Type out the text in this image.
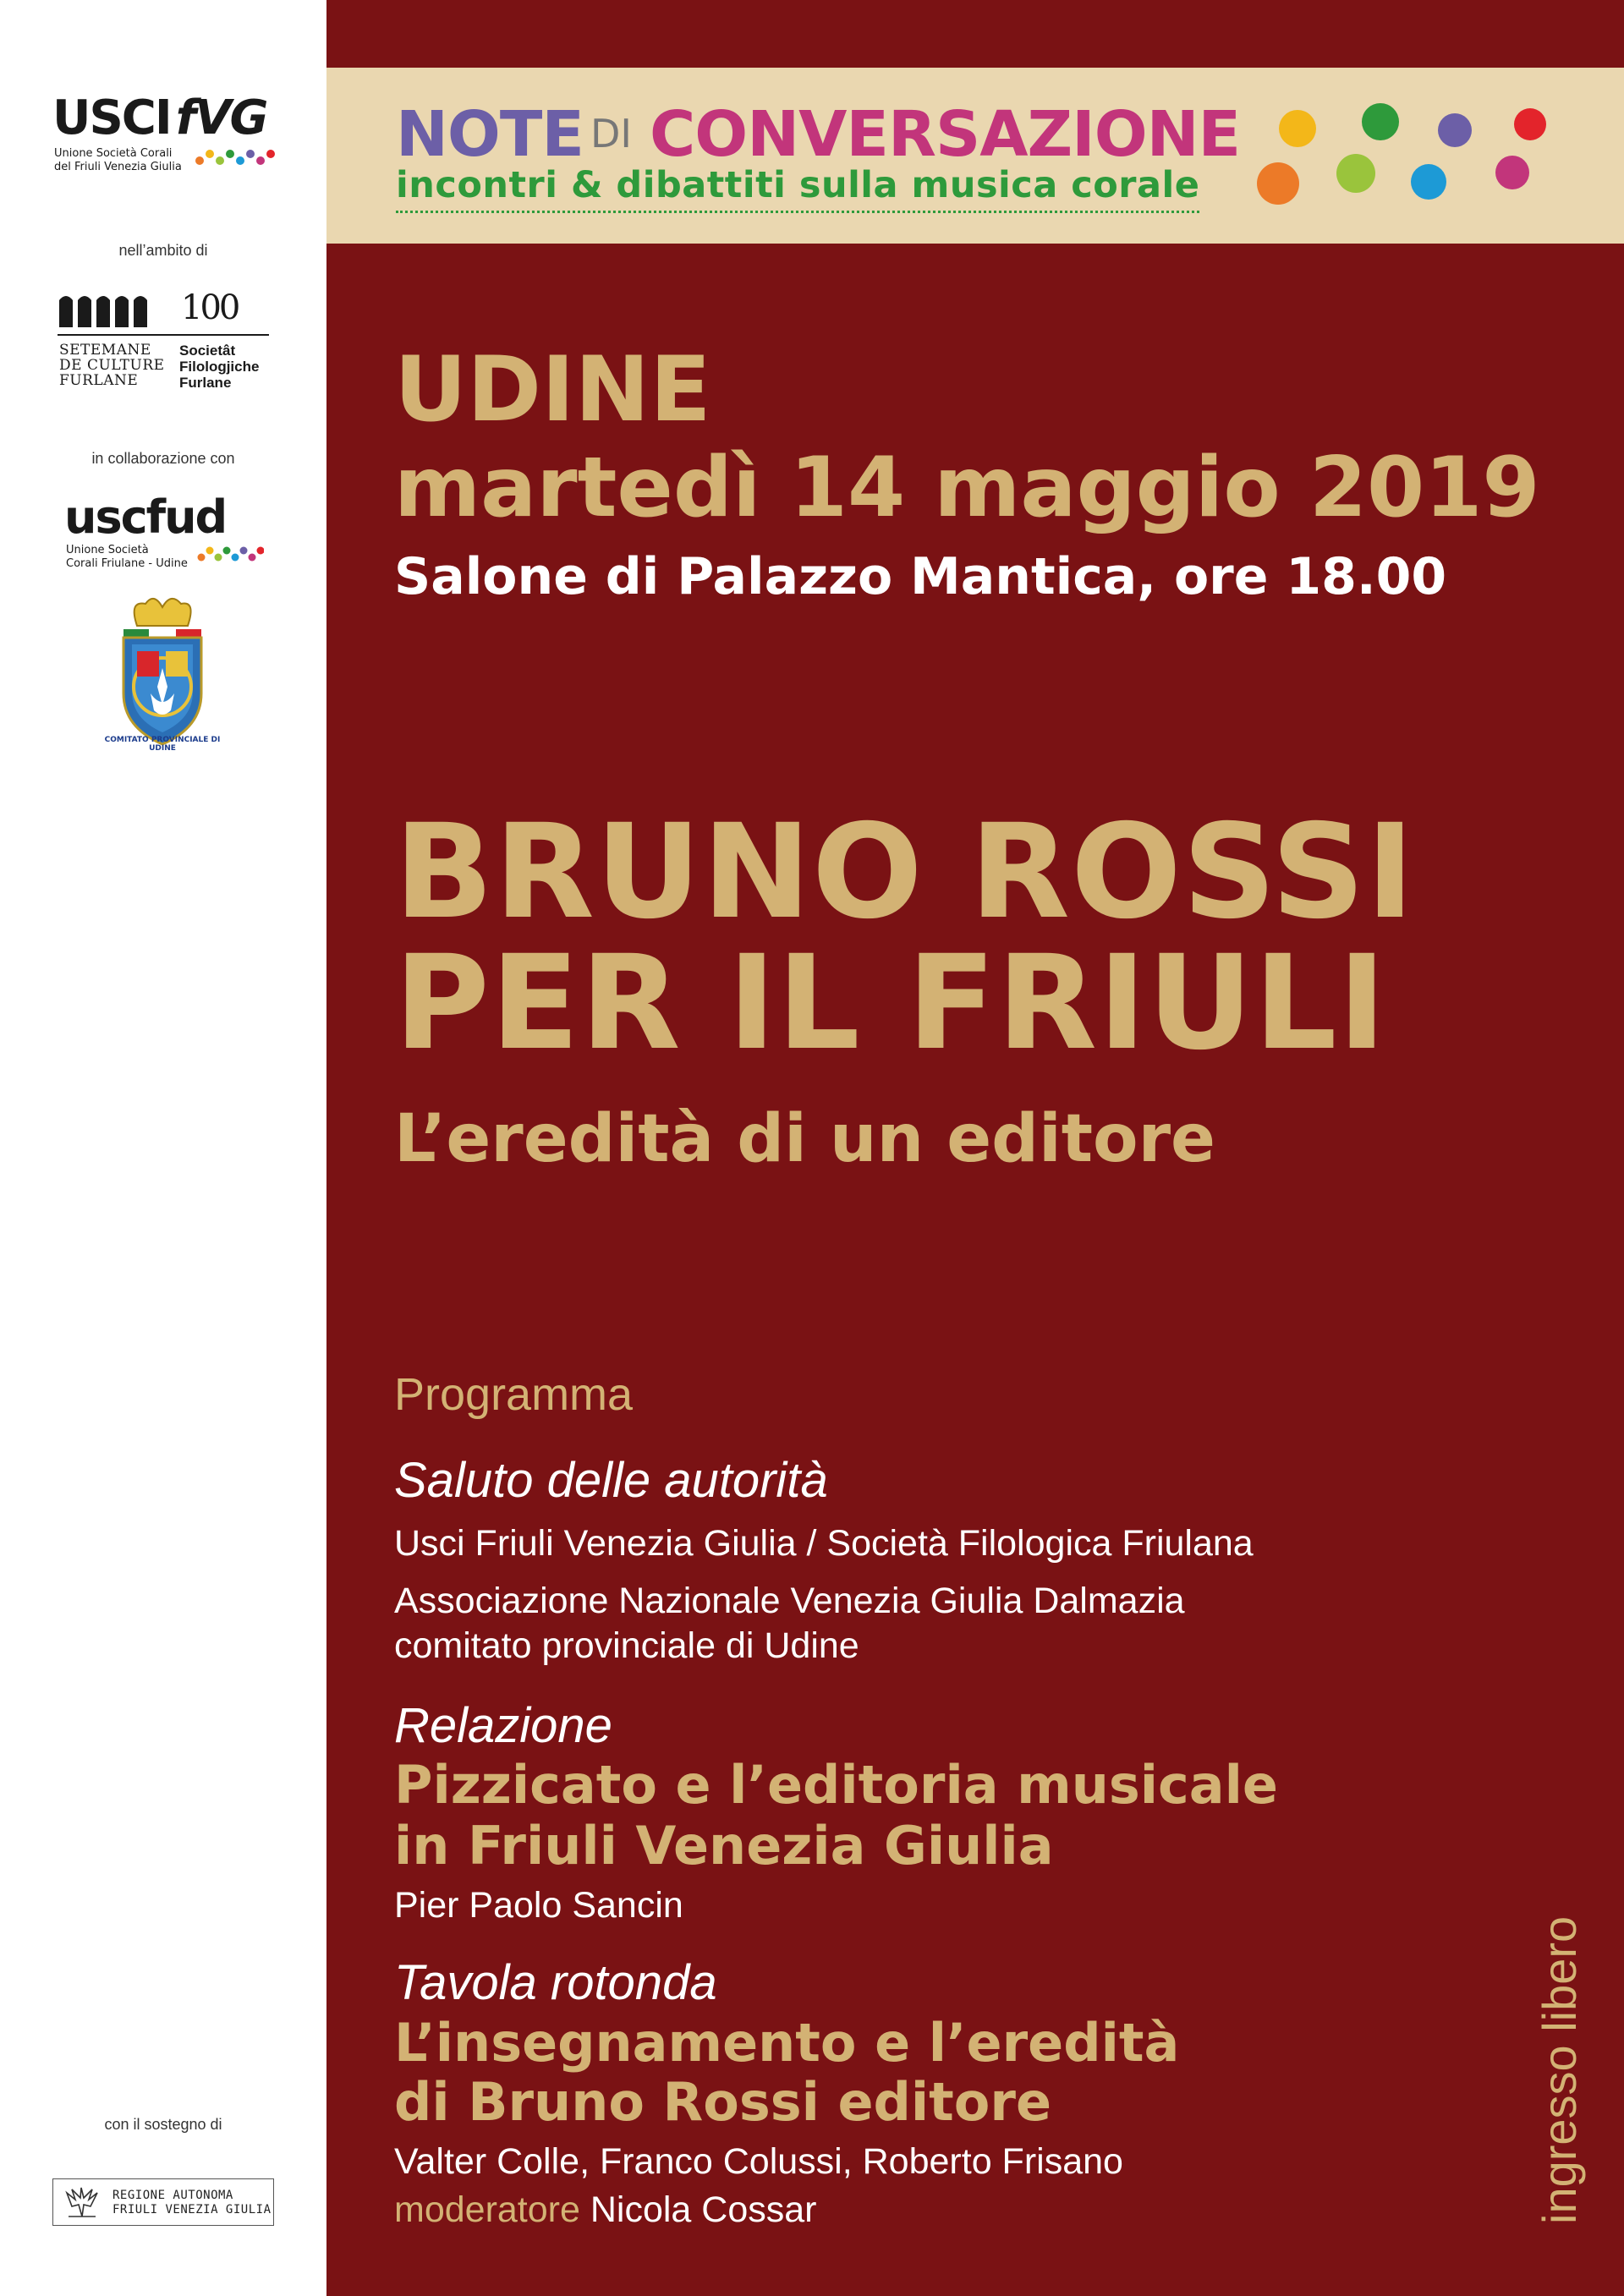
USCI fVG
Unione Società Corali
del Friuli Venezia Giulia
nell’ambito di
100
SETEMANE
DE CULTURE
FURLANE
Societât
Filologjiche
Furlane
in collaborazione con
uscfud
Unione Società
Corali Friulane - Udine
COMITATO PROVINCIALE DI UDINE
con il sostegno di
REGIONE AUTONOMA
FRIULI VENEZIA GIULIA
NOTE DI CONVERSAZIONE
incontri & dibattiti sulla musica corale
UDINE
martedì 14 maggio 2019
Salone di Palazzo Mantica, ore 18.00
BRUNO ROSSI
PER IL FRIULI
L’eredità di un editore
Programma
Saluto delle autorità
Usci Friuli Venezia Giulia / Società Filologica Friulana
Associazione Nazionale Venezia Giulia Dalmazia
comitato provinciale di Udine
Relazione
Pizzicato e l’editoria musicale
in Friuli Venezia Giulia
Pier Paolo Sancin
Tavola rotonda
L’insegnamento e l’eredità
di Bruno Rossi editore
Valter Colle, Franco Colussi, Roberto Frisano
moderatore Nicola Cossar	ingresso libero
